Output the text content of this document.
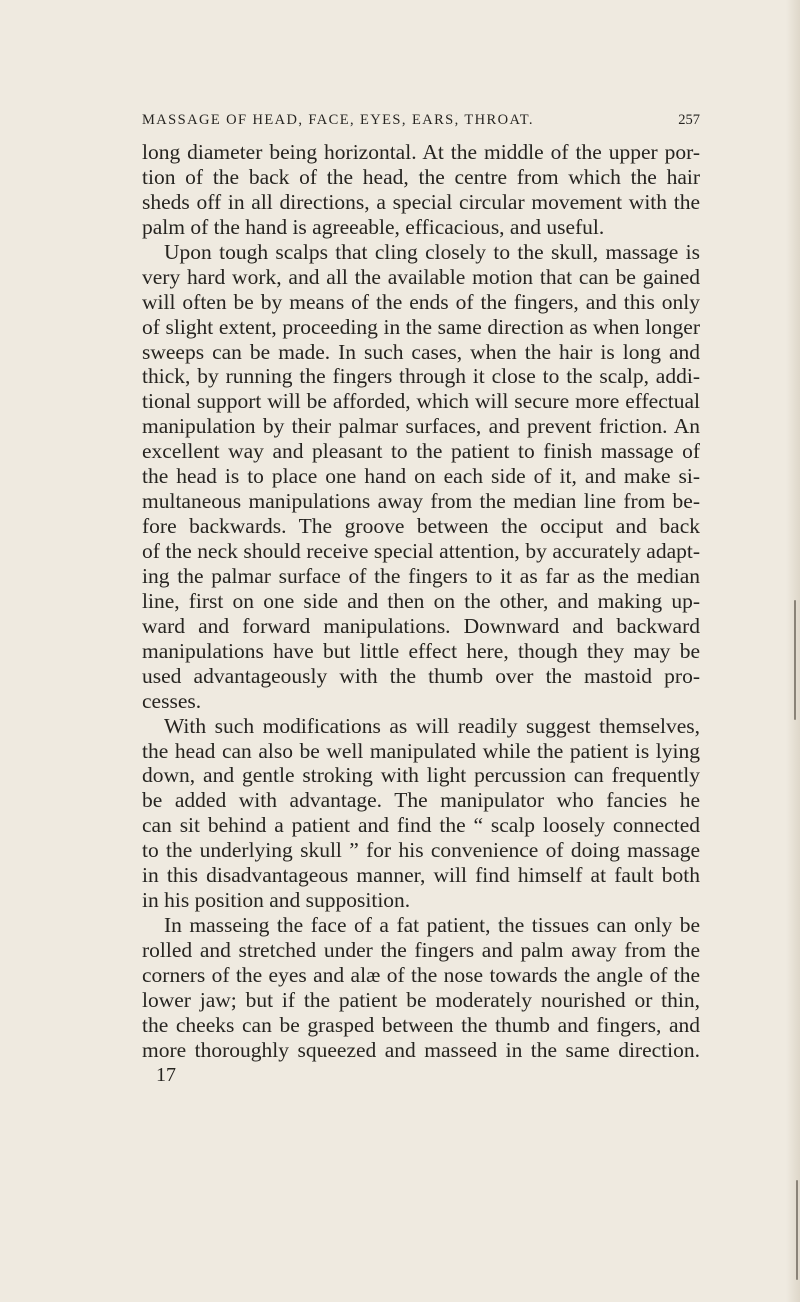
MASSAGE OF HEAD, FACE, EYES, EARS, THROAT.	257
long diameter being horizontal. At the middle of the upper por-
tion of the back of the head, the centre from which the hair
sheds off in all directions, a special circular movement with the
palm of the hand is agreeable, efficacious, and useful.
Upon tough scalps that cling closely to the skull, massage is
very hard work, and all the available motion that can be gained
will often be by means of the ends of the fingers, and this only
of slight extent, proceeding in the same direction as when longer
sweeps can be made. In such cases, when the hair is long and
thick, by running the fingers through it close to the scalp, addi-
tional support will be afforded, which will secure more effectual
manipulation by their palmar surfaces, and prevent friction. An
excellent way and pleasant to the patient to finish massage of
the head is to place one hand on each side of it, and make si-
multaneous manipulations away from the median line from be-
fore backwards. The groove between the occiput and back
of the neck should receive special attention, by accurately adapt-
ing the palmar surface of the fingers to it as far as the median
line, first on one side and then on the other, and making up-
ward and forward manipulations. Downward and backward
manipulations have but little effect here, though they may be
used advantageously with the thumb over the mastoid pro-
cesses.
With such modifications as will readily suggest themselves,
the head can also be well manipulated while the patient is lying
down, and gentle stroking with light percussion can frequently
be added with advantage. The manipulator who fancies he
can sit behind a patient and find the “ scalp loosely connected
to the underlying skull ” for his convenience of doing massage
in this disadvantageous manner, will find himself at fault both
in his position and supposition.
In masseing the face of a fat patient, the tissues can only be
rolled and stretched under the fingers and palm away from the
corners of the eyes and alæ of the nose towards the angle of the
lower jaw; but if the patient be moderately nourished or thin,
the cheeks can be grasped between the thumb and fingers, and
more thoroughly squeezed and masseed in the same direction.
17
